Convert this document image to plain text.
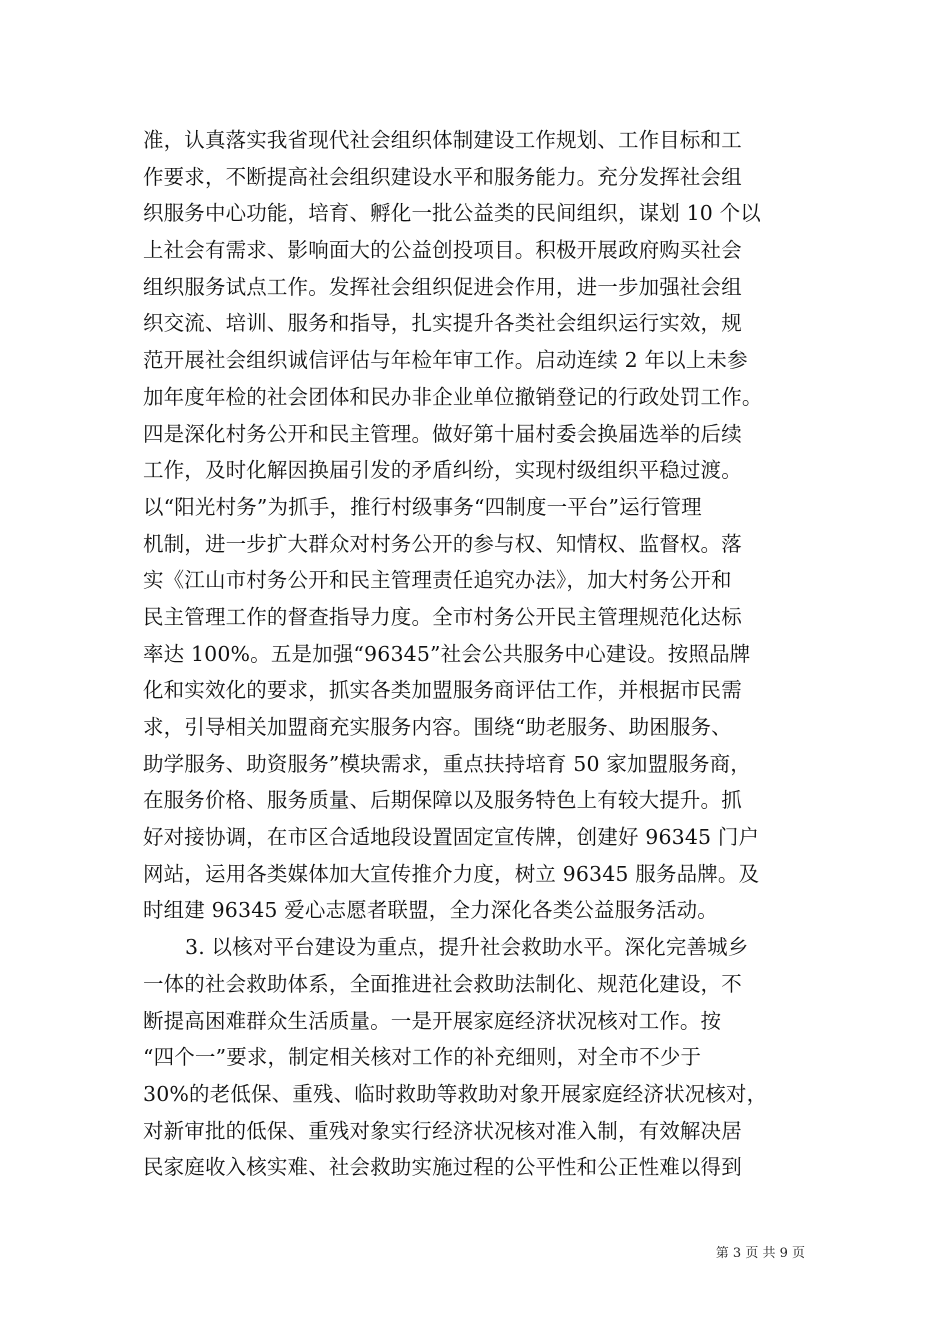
准，认真落实我省现代社会组织体制建设工作规划、工作目标和工
作要求，不断提高社会组织建设水平和服务能力。充分发挥社会组
织服务中心功能，培育、孵化一批公益类的民间组织，谋划 10 个以
上社会有需求、影响面大的公益创投项目。积极开展政府购买社会
组织服务试点工作。发挥社会组织促进会作用，进一步加强社会组
织交流、培训、服务和指导，扎实提升各类社会组织运行实效，规
范开展社会组织诚信评估与年检年审工作。启动连续 2 年以上未参
加年度年检的社会团体和民办非企业单位撤销登记的行政处罚工作。
四是深化村务公开和民主管理。做好第十届村委会换届选举的后续
工作，及时化解因换届引发的矛盾纠纷，实现村级组织平稳过渡。
以“阳光村务”为抓手，推行村级事务“四制度一平台”运行管理
机制，进一步扩大群众对村务公开的参与权、知情权、监督权。落
实《江山市村务公开和民主管理责任追究办法》，加大村务公开和
民主管理工作的督查指导力度。全市村务公开民主管理规范化达标
率达 100%。五是加强“96345”社会公共服务中心建设。按照品牌
化和实效化的要求，抓实各类加盟服务商评估工作，并根据市民需
求，引导相关加盟商充实服务内容。围绕“助老服务、助困服务、
助学服务、助资服务”模块需求，重点扶持培育 50 家加盟服务商，
在服务价格、服务质量、后期保障以及服务特色上有较大提升。抓
好对接协调，在市区合适地段设置固定宣传牌，创建好 96345 门户
网站，运用各类媒体加大宣传推介力度，树立 96345 服务品牌。及
时组建 96345 爱心志愿者联盟，全力深化各类公益服务活动。
3. 以核对平台建设为重点，提升社会救助水平。深化完善城乡
一体的社会救助体系，全面推进社会救助法制化、规范化建设，不
断提高困难群众生活质量。一是开展家庭经济状况核对工作。按
“四个一”要求，制定相关核对工作的补充细则，对全市不少于
30%的老低保、重残、临时救助等救助对象开展家庭经济状况核对，
对新审批的低保、重残对象实行经济状况核对准入制，有效解决居
民家庭收入核实难、社会救助实施过程的公平性和公正性难以得到
第 3 页 共 9 页
